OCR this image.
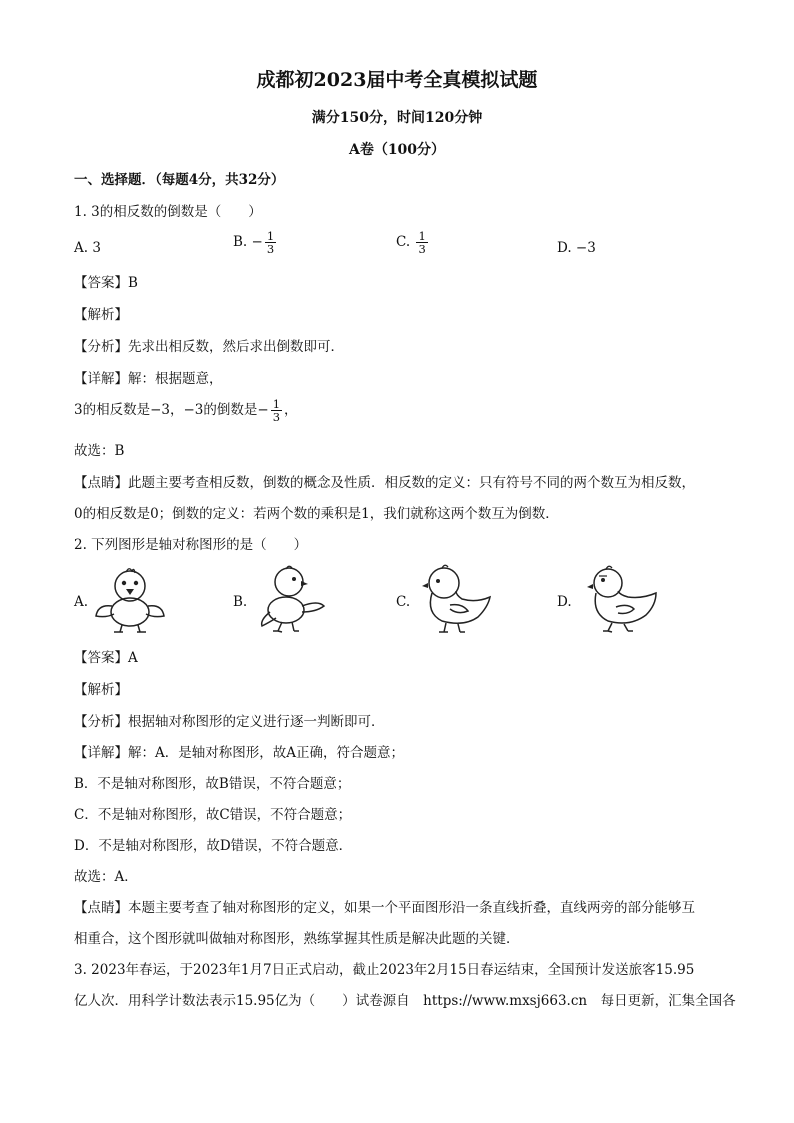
成都初2023届中考全真模拟试题
满分150分，时间120分钟
A卷（100分）
一、选择题．（每题4分，共32分）
1. 3的相反数的倒数是（　　）
A. 3	B. − $\frac{1}{3}$	C. $\frac{1}{3}$	D. −3
【答案】B
【解析】
【分析】先求出相反数，然后求出倒数即可．
【详解】解：根据题意，
3的相反数是−3，−3的倒数是− $\frac{1}{3}$ ，
故选：B
【点睛】此题主要考查相反数，倒数的概念及性质．相反数的定义：只有符号不同的两个数互为相反数，
0的相反数是0；倒数的定义：若两个数的乘积是1，我们就称这两个数互为倒数．
2. 下列图形是轴对称图形的是（　　）
A.	B.	C.	D.
【答案】A
【解析】
【分析】根据轴对称图形的定义进行逐一判断即可．
【详解】解：A．是轴对称图形，故A正确，符合题意；
B．不是轴对称图形，故B错误，不符合题意；
C．不是轴对称图形，故C错误，不符合题意；
D．不是轴对称图形，故D错误，不符合题意．
故选：A．
【点睛】本题主要考查了轴对称图形的定义，如果一个平面图形沿一条直线折叠，直线两旁的部分能够互
相重合，这个图形就叫做轴对称图形，熟练掌握其性质是解决此题的关键．
3. 2023年春运，于2023年1月7日正式启动，截止2023年2月15日春运结束，全国预计发送旅客15.95
亿人次．用科学计数法表示15.95亿为（　　）试卷源自　https://www.mxsj663.cn　每日更新，汇集全国各
